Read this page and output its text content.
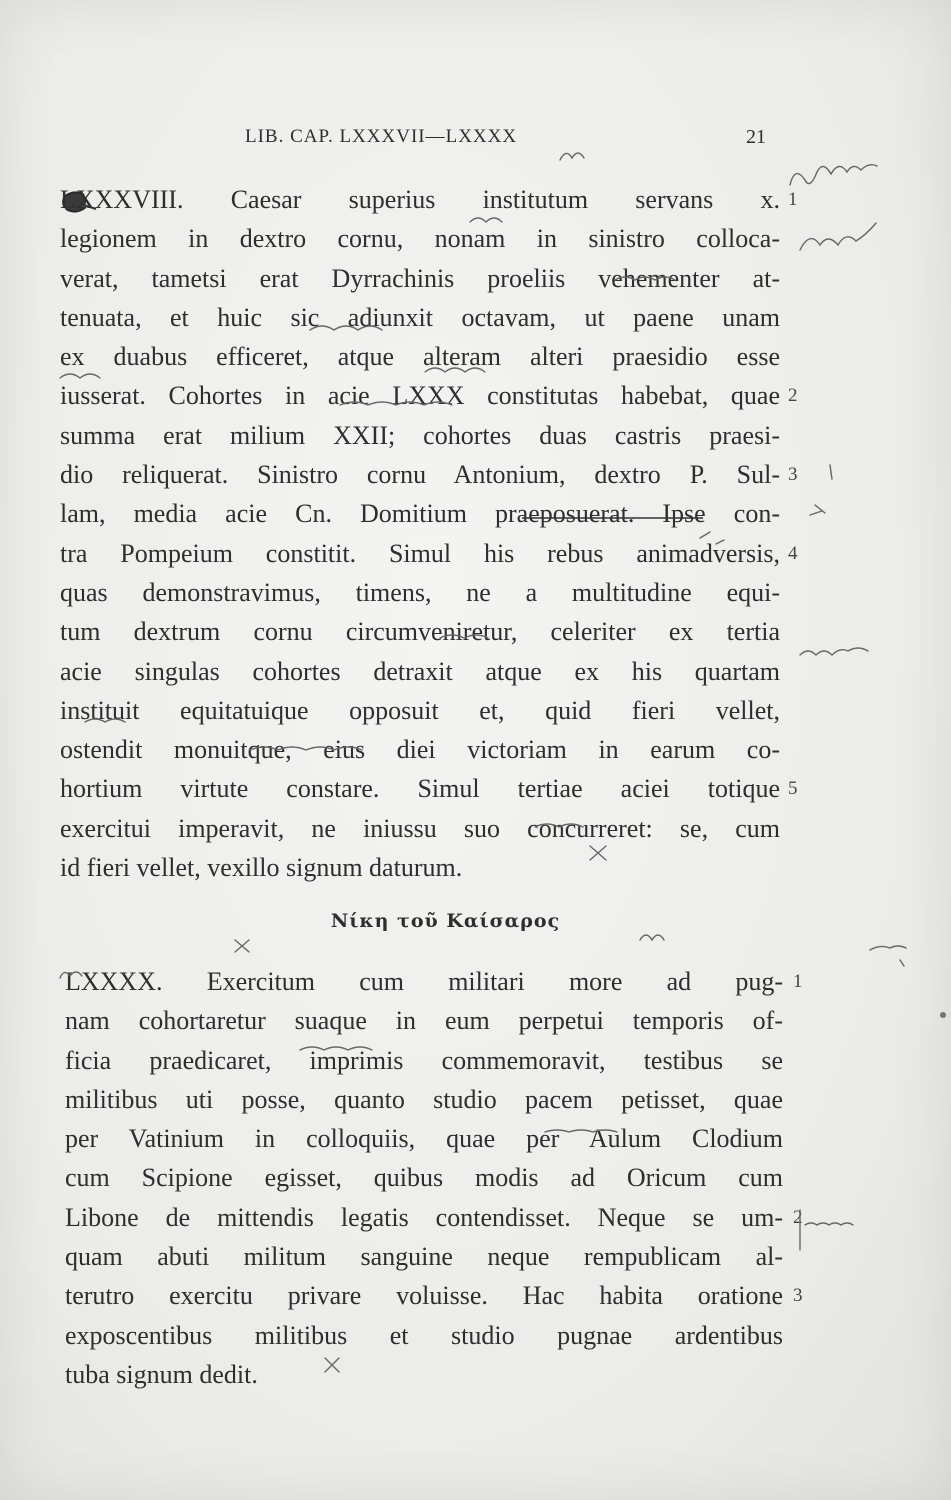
LIB. CAP. LXXXVII—LXXXX	21
LXXXVIII. Caesar superius institutum servans x. 1
legionem in dextro cornu, nonam in sinistro colloca-
verat, tametsi erat Dyrrachinis proeliis vehementer at-
tenuata, et huic sic adiunxit octavam, ut paene unam
ex duabus efficeret, atque alteram alteri praesidio esse
iusserat. Cohortes in acie LXXX constitutas habebat, quae 2
summa erat milium XXII; cohortes duas castris praesi-
dio reliquerat. Sinistro cornu Antonium, dextro P. Sul- 3
lam, media acie Cn. Domitium praeposuerat. Ipse con-
tra Pompeium constitit. Simul his rebus animadversis, 4
quas demonstravimus, timens, ne a multitudine equi-
tum dextrum cornu circumveniretur, celeriter ex tertia
acie singulas cohortes detraxit atque ex his quartam
instituit equitatuique opposuit et, quid fieri vellet,
ostendit monuitque, eius diei victoriam in earum co-
hortium virtute constare. Simul tertiae aciei totique 5
exercitui imperavit, ne iniussu suo concurreret: se, cum
id fieri vellet, vexillo signum daturum.
Νίκη τοῦ Καίσαρος
LXXXX. Exercitum cum militari more ad pug- 1
nam cohortaretur suaque in eum perpetui temporis of-
ficia praedicaret, imprimis commemoravit, testibus se
militibus uti posse, quanto studio pacem petisset, quae
per Vatinium in colloquiis, quae per Aulum Clodium
cum Scipione egisset, quibus modis ad Oricum cum
Libone de mittendis legatis contendisset. Neque se um- 2
quam abuti militum sanguine neque rempublicam al-
terutro exercitu privare voluisse. Hac habita oratione 3
exposcentibus militibus et studio pugnae ardentibus
tuba signum dedit.
